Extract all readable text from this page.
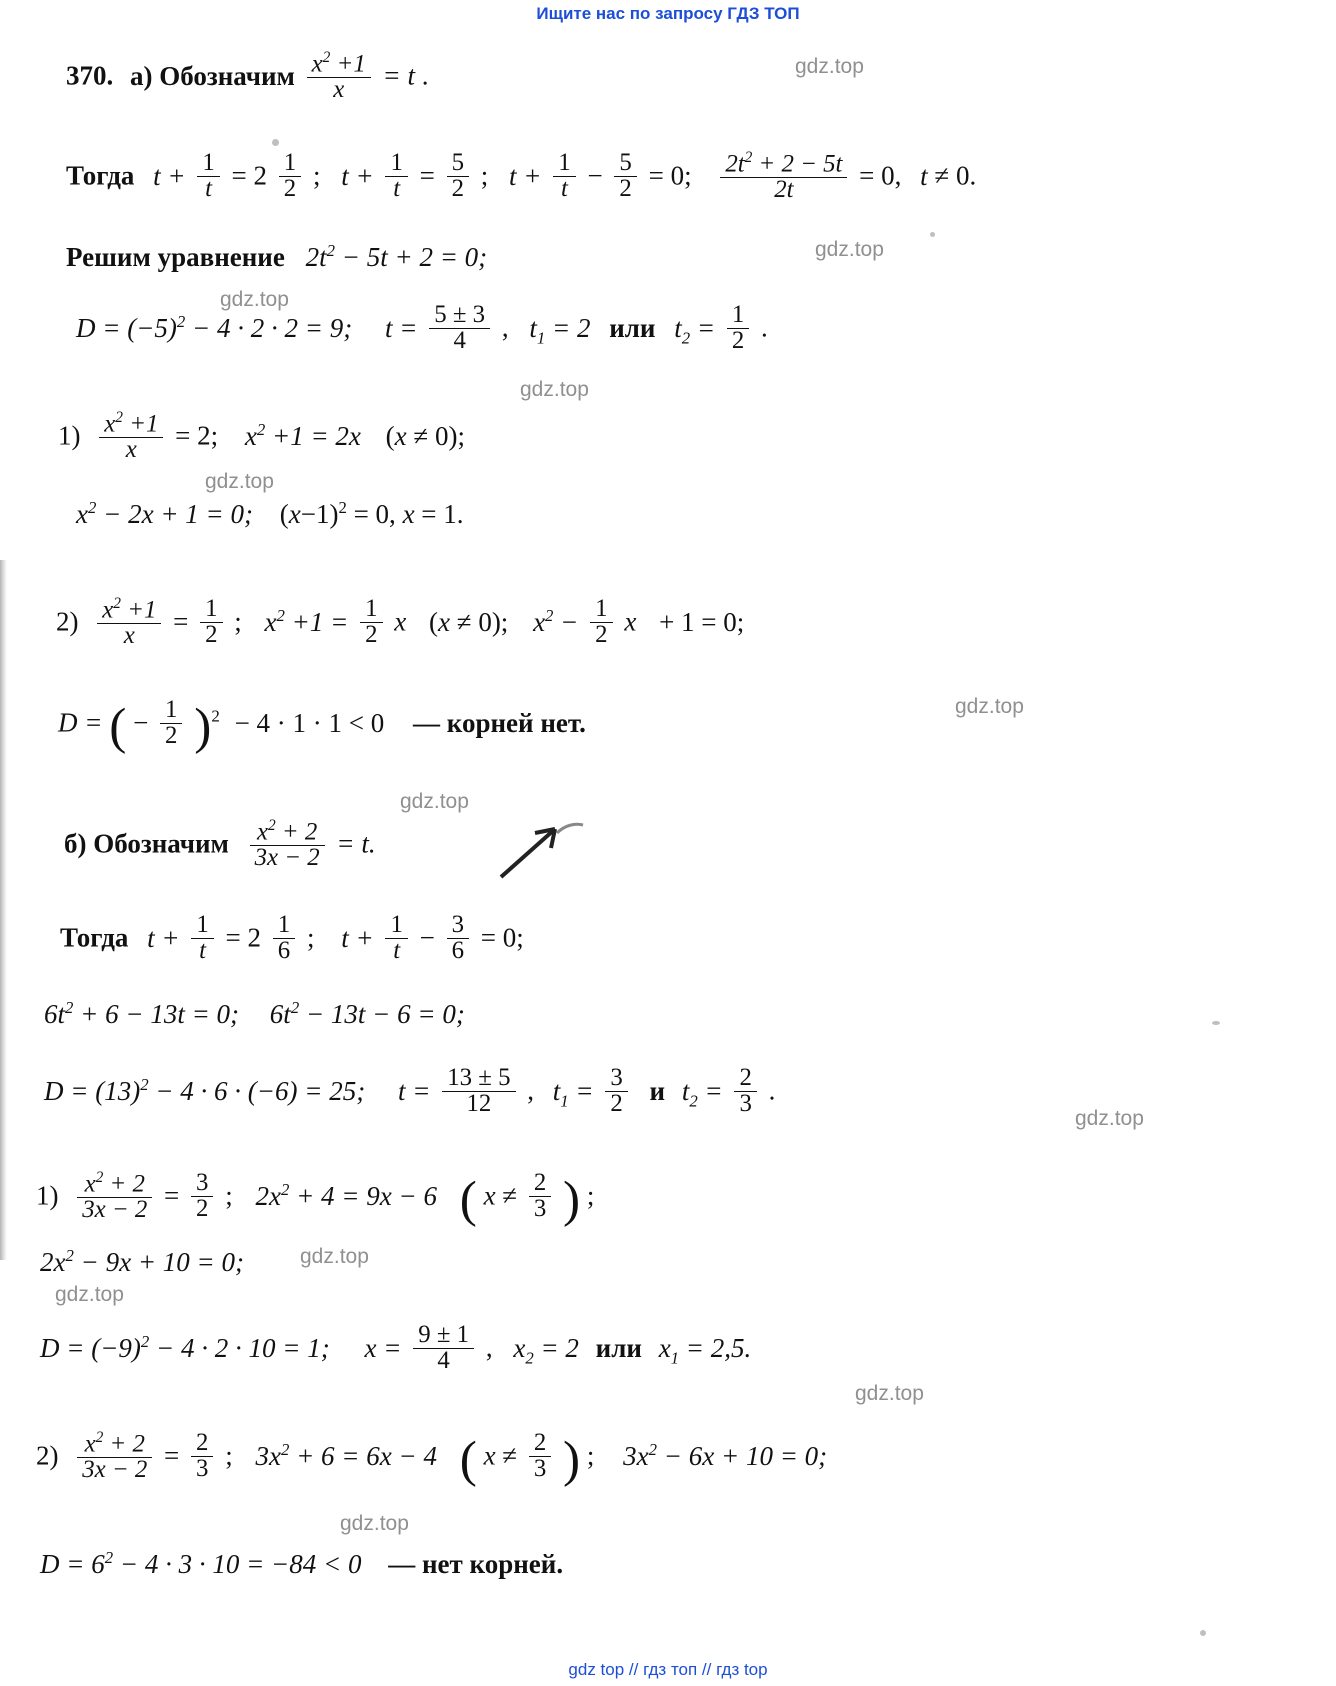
Ищите нас по запросу ГДЗ ТОП
370. а) Обозначим $\frac{x^2 +1}{x} = t$ .
Тогда $t + \frac{1}{t} = 2 \frac{1}{2}$ ; $t + \frac{1}{t} = \frac{5}{2}$ ; $t + \frac{1}{t} - \frac{5}{2} = 0$; $\frac{2t^2 + 2 - 5t}{2t} = 0$, t ≠ 0.
Решим уравнение $2t^2 - 5t + 2 = 0$;
$D = (-5)^2 - 4 \cdot 2 \cdot 2 = 9$; $t = \frac{5 \pm 3}{4}$ , $t_1 = 2$ или $t_2 = \frac{1}{2}$ .
$1) \frac{x^2 +1}{x} = 2$; $x^2 +1 = 2x$ (x ≠ 0);
$x^2 - 2x + 1 = 0$; $(x-1)^2 = 0$, x = 1.
$2) \frac{x^2 +1}{x} = \frac{1}{2}$ ; $x^2 +1 = \frac{1}{2}$ x (x ≠ 0); $x^2 - \frac{1}{2}$ x + 1 = 0;
D = ( − $\frac{1}{2} )^2 - 4 \cdot 1 \cdot 1 < 0$ — корней нет.
б) Обозначим $\frac{x^2 + 2}{3x - 2} = t$.
Тогда $t + \frac{1}{t} = 2 \frac{1}{6}$ ; $t + \frac{1}{t} - \frac{3}{6} = 0$;
$6t^2 + 6 - 13t = 0$; $6t^2 - 13t - 6 = 0$;
$D = (13)^2 - 4 \cdot 6 \cdot (-6) = 25$; $t = \frac{13 \pm 5}{12}$ , $t_1 = \frac{3}{2}$ и $t_2 = \frac{2}{3}$ .
$1) \frac{x^2 + 2}{3x - 2} = \frac{3}{2}$ ; $2x^2 + 4 = 9x - 6$ ( $x \ne \frac{2}{3}$ ) ;
$2x^2 - 9x + 10 = 0$;
$D = (-9)^2 - 4 \cdot 2 \cdot 10 = 1$; $x = \frac{9 \pm 1}{4}$ , $x_2 = 2$ или $x_1 = 2,5$.
$2) \frac{x^2 + 2}{3x - 2} = \frac{2}{3}$ ; $3x^2 + 6 = 6x - 4$ ( $x \ne \frac{2}{3}$ ) ; $3x^2 - 6x + 10 = 0$;
$D = 6^2 - 4 \cdot 3 \cdot 10 = -84 < 0$ — нет корней.
gdz top // гдз топ // гдз top
gdz.top
gdz.top
gdz.top
gdz.top
gdz.top
gdz.top
gdz.top
gdz.top
gdz.top
gdz.top
gdz.top
gdz.top
